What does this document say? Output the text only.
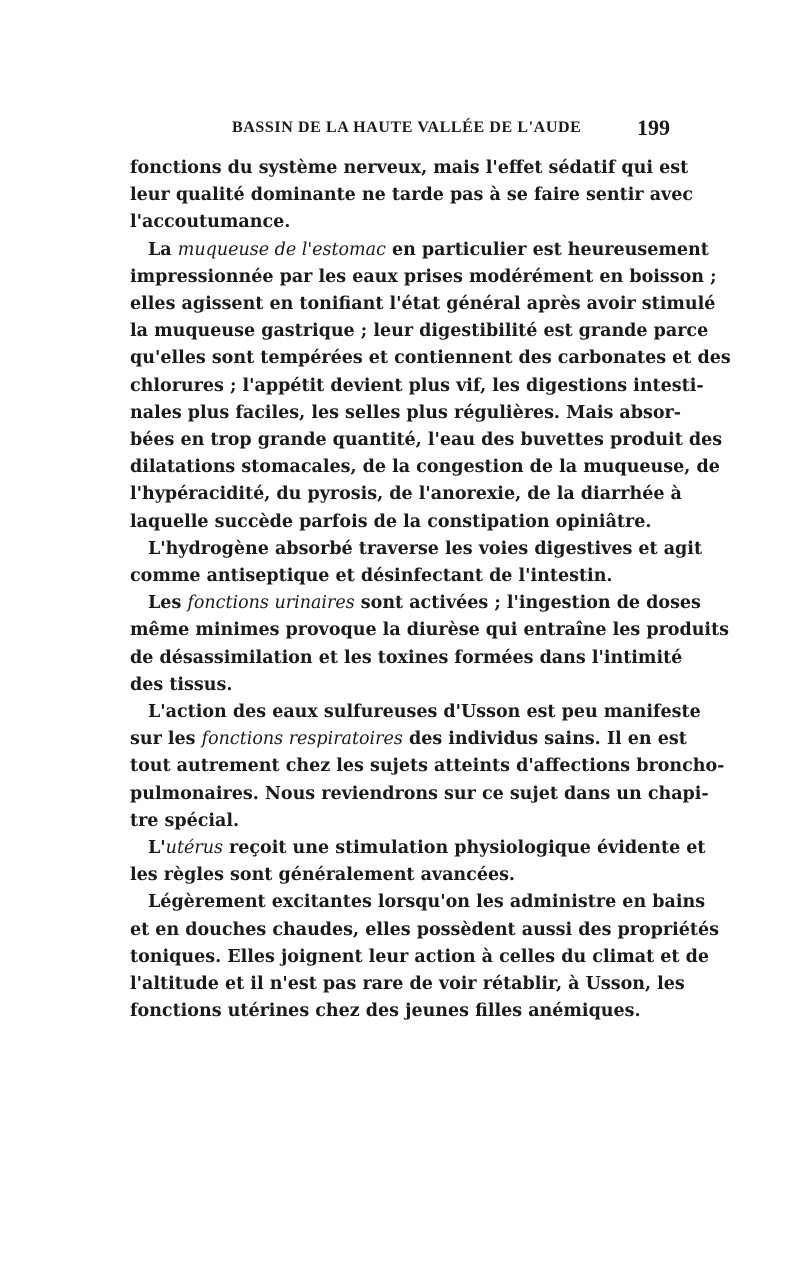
BASSIN DE LA HAUTE VALLÉE DE L'AUDE	199
fonctions du système nerveux, mais l'effet sédatif qui est
leur qualité dominante ne tarde pas à se faire sentir avec
l'accoutumance.
La muqueuse de l'estomac en particulier est heureusement
impressionnée par les eaux prises modérément en boisson ;
elles agissent en tonifiant l'état général après avoir stimulé
la muqueuse gastrique ; leur digestibilité est grande parce
qu'elles sont tempérées et contiennent des carbonates et des
chlorures ; l'appétit devient plus vif, les digestions intesti-
nales plus faciles, les selles plus régulières. Mais absor-
bées en trop grande quantité, l'eau des buvettes produit des
dilatations stomacales, de la congestion de la muqueuse, de
l'hypéracidité, du pyrosis, de l'anorexie, de la diarrhée à
laquelle succède parfois de la constipation opiniâtre.
L'hydrogène absorbé traverse les voies digestives et agit
comme antiseptique et désinfectant de l'intestin.
Les fonctions urinaires sont activées ; l'ingestion de doses
même minimes provoque la diurèse qui entraîne les produits
de désassimilation et les toxines formées dans l'intimité
des tissus.
L'action des eaux sulfureuses d'Usson est peu manifeste
sur les fonctions respiratoires des individus sains. Il en est
tout autrement chez les sujets atteints d'affections broncho-
pulmonaires. Nous reviendrons sur ce sujet dans un chapi-
tre spécial.
L'utérus reçoit une stimulation physiologique évidente et
les règles sont généralement avancées.
Légèrement excitantes lorsqu'on les administre en bains
et en douches chaudes, elles possèdent aussi des propriétés
toniques. Elles joignent leur action à celles du climat et de
l'altitude et il n'est pas rare de voir rétablir, à Usson, les
fonctions utérines chez des jeunes filles anémiques.
